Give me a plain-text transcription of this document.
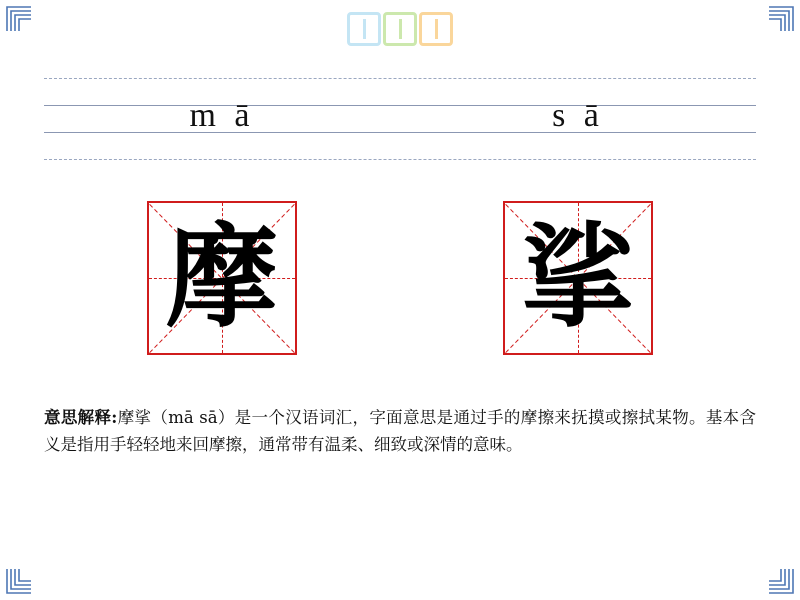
m ā	s ā
摩 挲
意思解释:摩挲（mā sā）是一个汉语词汇，字面意思是通过手的摩擦来抚摸或擦拭某物。基本含义是指用手轻轻地来回摩擦，通常带有温柔、细致或深情的意味。
